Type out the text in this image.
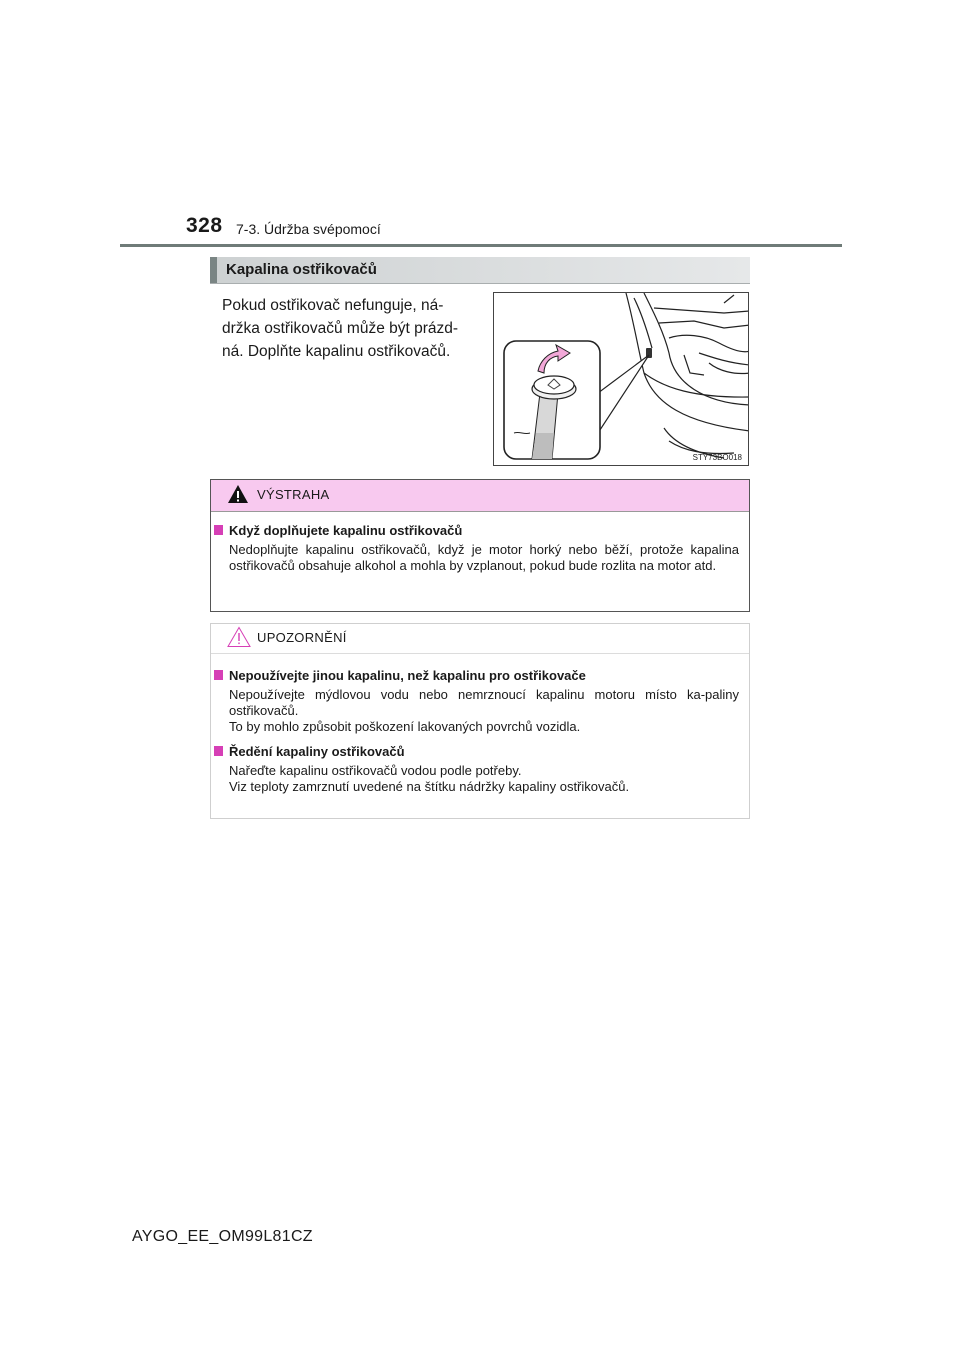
328 7-3. Údržba svépomocí
Kapalina ostřikovačů
Pokud ostřikovač nefunguje, ná-
držka ostřikovačů může být prázd-
ná. Doplňte kapalinu ostřikovačů.
STY73BO018
VÝSTRAHA
Když doplňujete kapalinu ostřikovačů
Nedoplňujte kapalinu ostřikovačů, když je motor horký nebo běží, protože kapalina ostřikovačů obsahuje alkohol a mohla by vzplanout, pokud bude rozlita na motor atd.
UPOZORNĚNÍ
Nepoužívejte jinou kapalinu, než kapalinu pro ostřikovače
Nepoužívejte mýdlovou vodu nebo nemrznoucí kapalinu motoru místo ka-paliny ostřikovačů.
To by mohlo způsobit poškození lakovaných povrchů vozidla.
Ředění kapaliny ostřikovačů
Nařeďte kapalinu ostřikovačů vodou podle potřeby.
Viz teploty zamrznutí uvedené na štítku nádržky kapaliny ostřikovačů.
AYGO_EE_OM99L81CZ
